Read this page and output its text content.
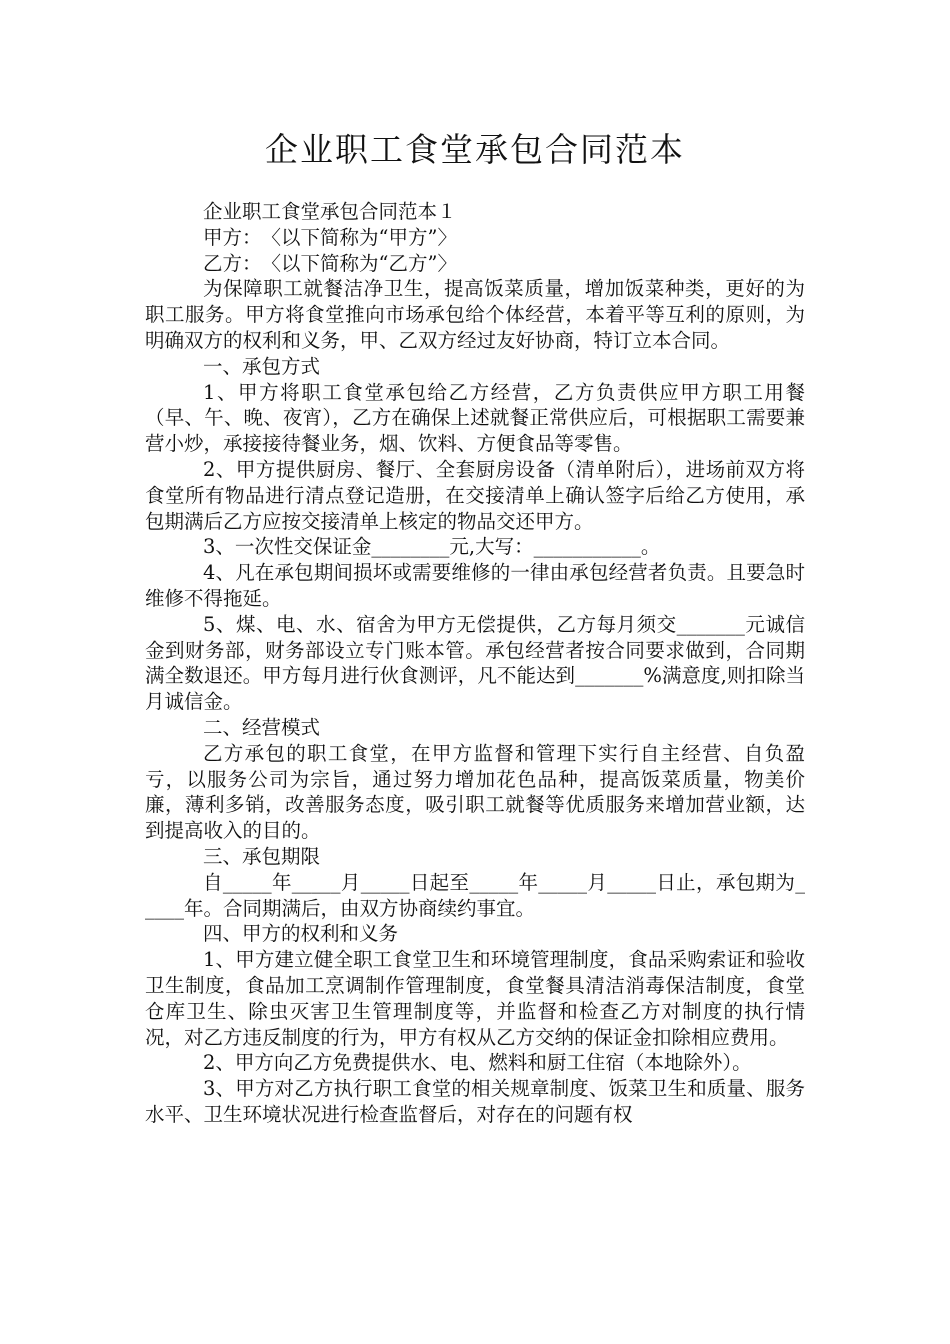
企业职工食堂承包合同范本

企业职工食堂承包合同范本１

甲方：　〈以下简称为“甲方”〉

乙方：　〈以下简称为“乙方”〉

为保障职工就餐洁净卫生，提高饭菜质量，增加饭菜种类，更好的为职工服务。甲方将食堂推向市场承包给个体经营，本着平等互利的原则，为明确双方的权利和义务，甲、乙双方经过友好协商，特订立本合同。

一、承包方式

1、甲方将职工食堂承包给乙方经营，乙方负责供应甲方职工用餐（早、午、晚、夜宵），乙方在确保上述就餐正常供应后，可根据职工需要兼营小炒，承接接待餐业务，烟、饮料、方便食品等零售。

2、甲方提供厨房、餐厅、全套厨房设备（清单附后），进场前双方将食堂所有物品进行清点登记造册，在交接清单上确认签字后给乙方使用，承包期满后乙方应按交接清单上核定的物品交还甲方。

3、一次性交保证金________元,大写：___________。

4、凡在承包期间损坏或需要维修的一律由承包经营者负责。且要急时维修不得拖延。

5、煤、电、水、宿舍为甲方无偿提供，乙方每月须交_______元诚信金到财务部，财务部设立专门账本管。承包经营者按合同要求做到，合同期满全数退还。甲方每月进行伙食测评，凡不能达到_______%满意度,则扣除当月诚信金。

二、经营模式

乙方承包的职工食堂，在甲方监督和管理下实行自主经营、自负盈亏，以服务公司为宗旨，通过努力增加花色品种，提高饭菜质量，物美价廉，薄利多销，改善服务态度，吸引职工就餐等优质服务来增加营业额，达到提高收入的目的。

三、承包期限

自_____年_____月_____日起至_____年_____月_____日止，承包期为_____年。合同期满后，由双方协商续约事宜。

四、甲方的权利和义务

1、甲方建立健全职工食堂卫生和环境管理制度，食品采购索证和验收卫生制度，食品加工烹调制作管理制度，食堂餐具清洁消毒保洁制度，食堂仓库卫生、除虫灭害卫生管理制度等，并监督和检查乙方对制度的执行情况，对乙方违反制度的行为，甲方有权从乙方交纳的保证金扣除相应费用。

2、甲方向乙方免费提供水、电、燃料和厨工住宿（本地除外）。

3、甲方对乙方执行职工食堂的相关规章制度、饭菜卫生和质量、服务水平、卫生环境状况进行检查监督后，对存在的问题有权
